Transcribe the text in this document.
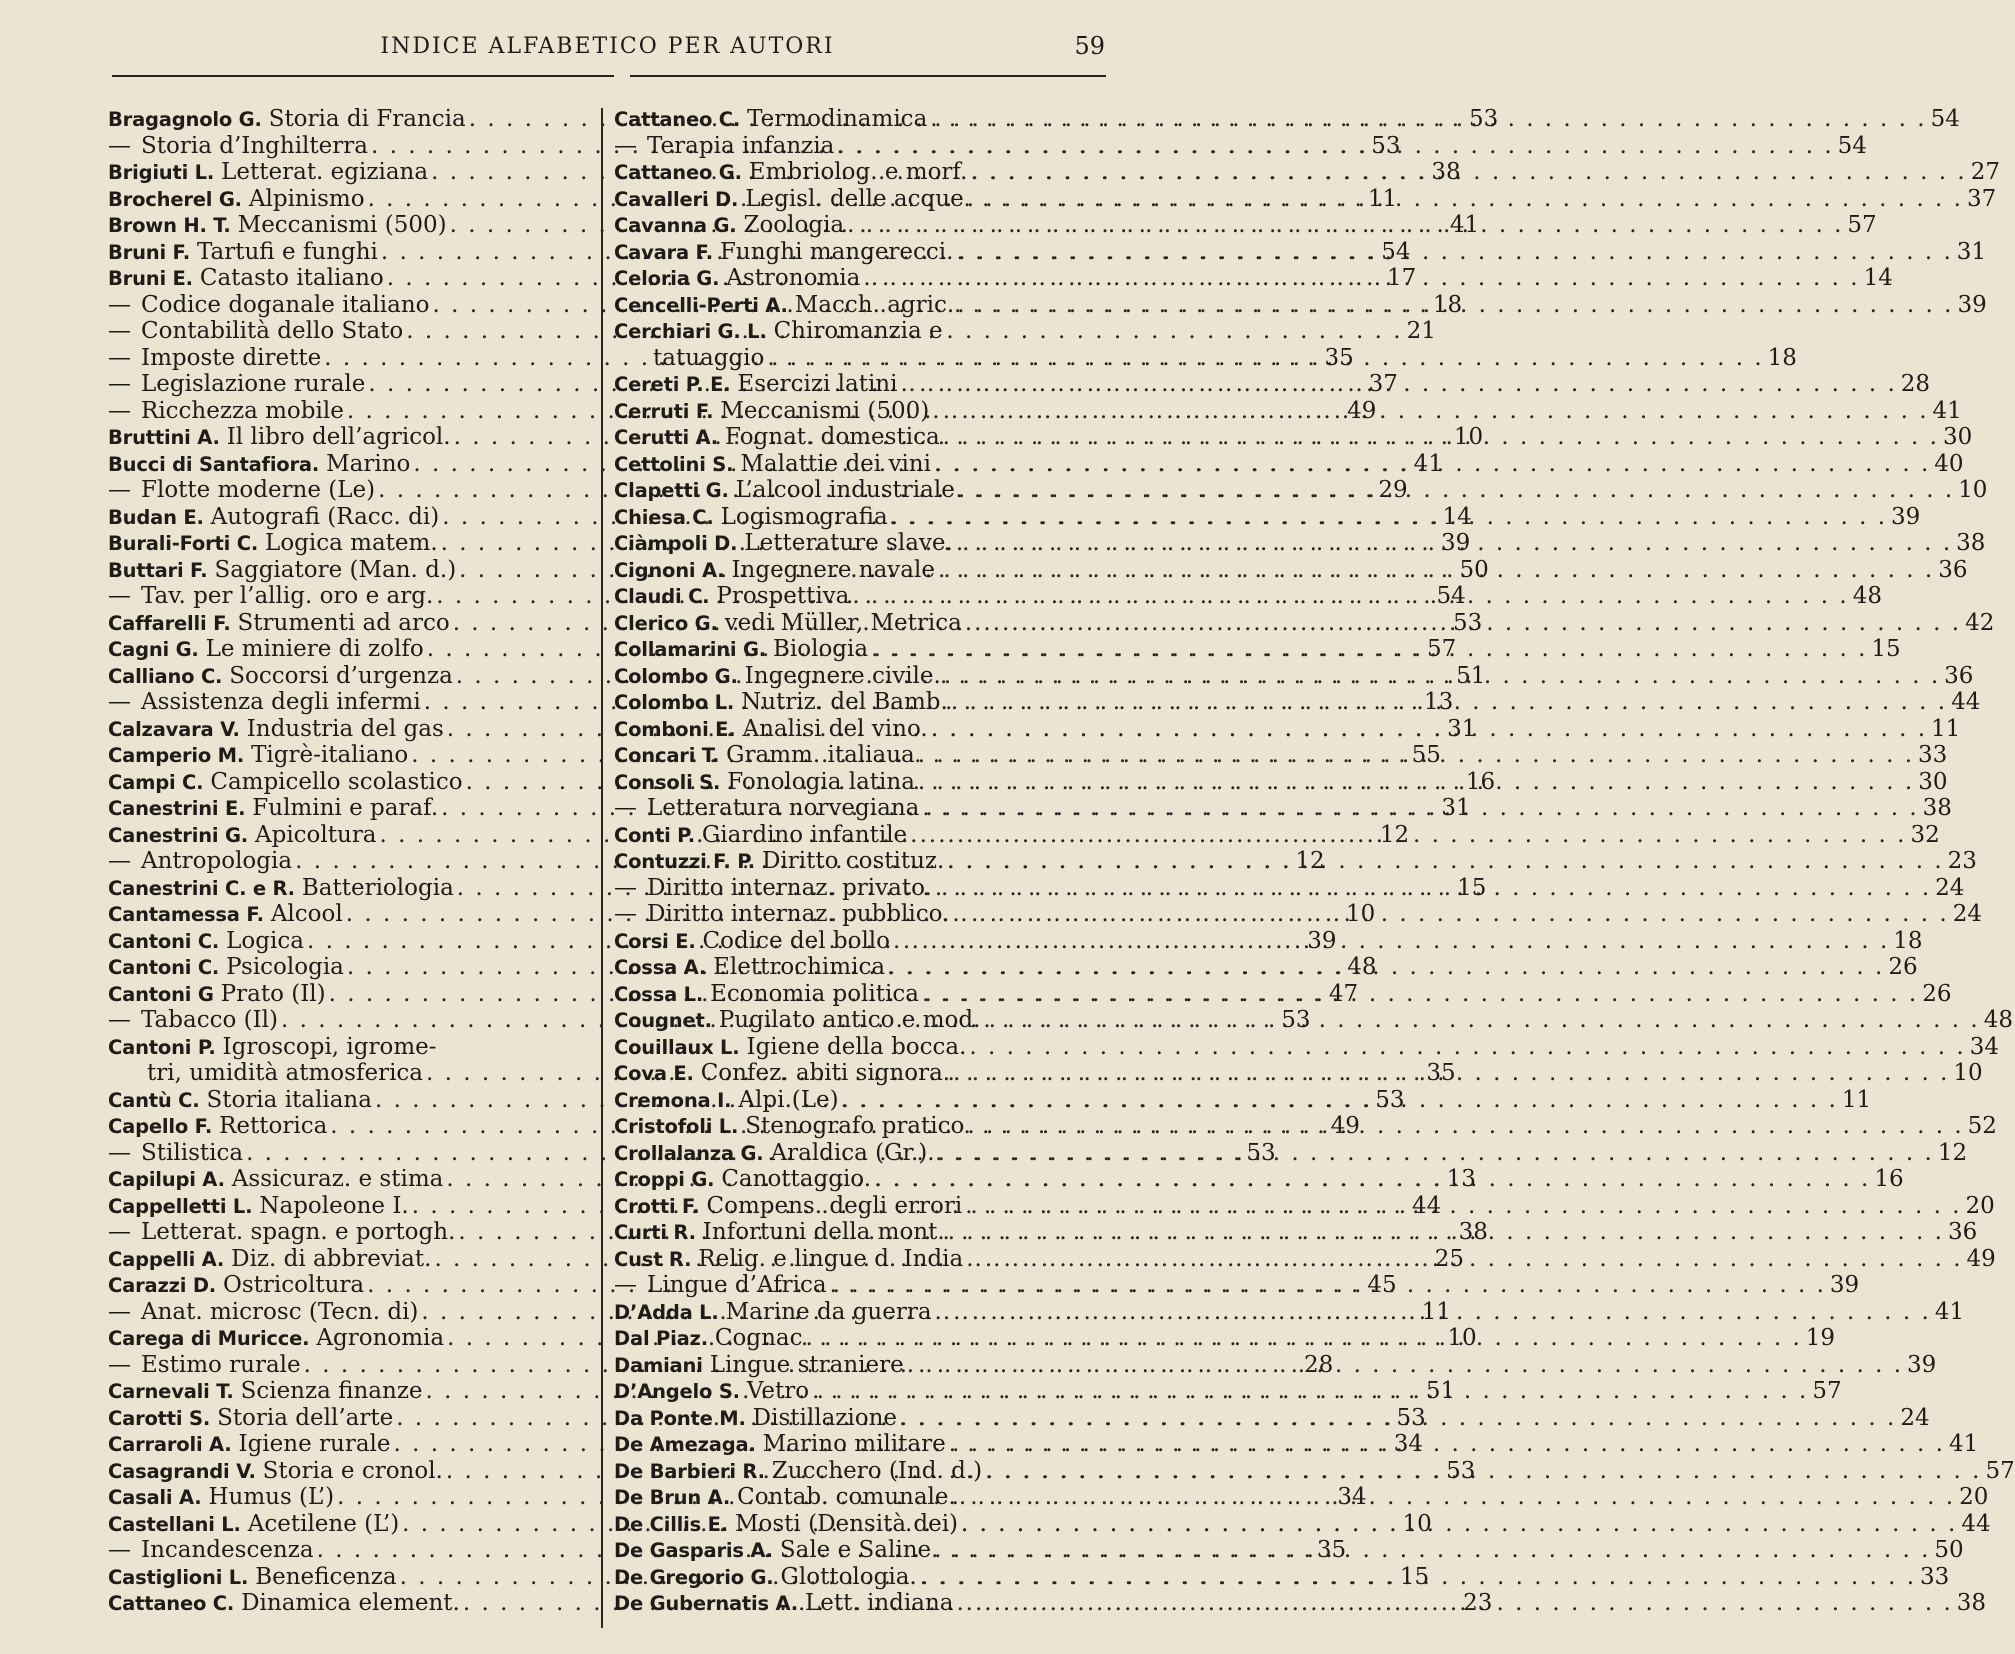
INDICE ALFABETICO PER AUTORI	59
Bragagnolo G. Storia di Francia . . .	53
— Storia d’Inghilterra . . .	53
Brigiuti L. Letterat. egiziana . . .	38
Brocherel G. Alpinismo . . .	11
Brown H. T. Meccanismi (500) . . .	41
Bruni F. Tartufi e funghi . . .	54
Bruni E. Catasto italiano . . .	17
— Codice doganale italiano . . .	18
— Contabilità dello Stato . . .	21
— Imposte dirette . . .	35
— Legislazione rurale . . .	37
— Ricchezza mobile . . .	49
Bruttini A. Il libro dell’agricol. . . .	10
Bucci di Santafiora. Marino . . .	41
— Flotte moderne (Le) . . .	29
Budan E. Autografi (Racc. di) . . .	14
Burali-Forti C. Logica matem. . . .	39
Buttari F. Saggiatore (Man. d.) . . .	50
— Tav. per l’allig. oro e arg. . . .	54
Caffarelli F. Strumenti ad arco . . .	53
Cagni G. Le miniere di zolfo . . .	57
Calliano C. Soccorsi d’urgenza . . .	51
— Assistenza degli infermi . . .	13
Calzavara V. Industria del gas . . .	31
Camperio M. Tigrè-italiano . . .	55
Campi C. Campicello scolastico . . .	16
Canestrini E. Fulmini e paraf. . . .	31
Canestrini G. Apicoltura . . .	12
— Antropologia . . .	12
Canestrini C. e R. Batteriologia . . .	15
Cantamessa F. Alcool . . .	10
Cantoni C. Logica . . .	39
Cantoni C. Psicologia . . .	48
Cantoni G Prato (Il) . . .	47
— Tabacco (Il) . . .	53
Cantoni P. Igroscopi, igrome-
tri, umidità atmosferica . . .	35
Cantù C. Storia italiana . . .	53
Capello F. Rettorica . . .	49
— Stilistica . . .	53
Capilupi A. Assicuraz. e stima . . .	13
Cappelletti L. Napoleone I. . . .	44
— Letterat. spagn. e portogh. . . .	38
Cappelli A. Diz. di abbreviat. . . .	25
Carazzi D. Ostricoltura . . .	45
— Anat. microsc (Tecn. di) . . .	11
Carega di Muricce. Agronomia . . .	10
— Estimo rurale . . .	28
Carnevali T. Scienza finanze . . .	51
Carotti S. Storia dell’arte . . .	53
Carraroli A. Igiene rurale . . .	34
Casagrandi V. Storia e cronol. . . .	53
Casali A. Humus (L’) . . .	34
Castellani L. Acetilene (L’) . . .	10
— Incandescenza . . .	35
Castiglioni L. Beneficenza . . .	15
Cattaneo C. Dinamica element. . . .	23
Cattaneo C. Termodinamica . . .	54
— Terapia infanzia . . .	54
Cattaneo G. Embriolog. e morf. . . .	27
Cavalleri D. Legisl. delle acque . . .	37
Cavanna G. Zoologia . . .	57
Cavara F. Funghi mangerecci. . . .	31
Celoria G. Astronomia . . .	14
Cencelli-Perti A. Macch. agric. . . .	39
Cerchiari G. L. Chiromanzia e
tatuaggio . . .	18
Cereti P. E. Esercizi latini . . .	28
Cerruti F. Meccanismi (500) . . .	41
Cerutti A. Fognat. domestica . . .	30
Cettolini S. Malattie dei vini . . .	40
Clapetti G. L’alcool industriale . . .	10
Chiesa C. Logismografia . . .	39
Ciàmpoli D. Letterature slave. . . .	38
Cignoni A. Ingegnere navale . . .	36
Claudi C. Prospettiva . . .	48
Clerico G. vedi Müller, Metrica . . .	42
Collamarini G. Biologia . . .	15
Colombo G. Ingegnere civile. . . .	36
Colombo L. Nutriz. del Bamb. . . .	44
Comboni E. Analisi del vino. . . .	11
Concari T. Gramm. italiaua . . .	33
Consoli S. Fonologia latina . . .	30
— Letteratura norvegiana . . .	38
Conti P. Giardino infantile . . .	32
Contuzzi F. P. Diritto costituz. . . .	23
— Diritto internaz. privato. . . .	24
— Diritto internaz. pubblico. . . .	24
Corsi E. Codice del bollo . . .	18
Cossa A. Elettrochimica . . .	26
Cossa L. Economia politica . . .	26
Cougnet. Pugilato antico e mod. . . .	48
Couillaux L. Igiene della bocca. . . .	34
Cova E. Confez. abiti signora. . . .	10
Cremona I. Alpi (Le) . . .	11
Cristofoli L. Stenografo pratico . . .	52
Crollalanza G. Araldica (Gr.). . . .	12
Croppi G. Canottaggio. . . .	16
Crotti F. Compens. degli errori . . .	20
Curti R. Infortuni della mont. . . .	36
Cust R. Relig. e lingue d. India . . .	49
— Lingue d’Africa . . .	39
D’Adda L. Marine da guerra . . .	41
Dal Piaz. Cognac . . .	19
Damiani Lingue straniere . . .	39
D’Angelo S. Vetro . . .	57
Da Ponte M. Distillazione . . .	24
De Amezaga. Marino militare . . .	41
De Barbieri R. Zucchero (Ind. d.) . . .	57
De Brun A. Contab. comunale. . . .	20
De Cillis E. Mosti (Densità dei) . . .	44
De Gasparis A. Sale e Saline . . .	50
De Gregorio G. Glottologia. . . .	33
De Gubernatis A. Lett. indiana . . .	38
